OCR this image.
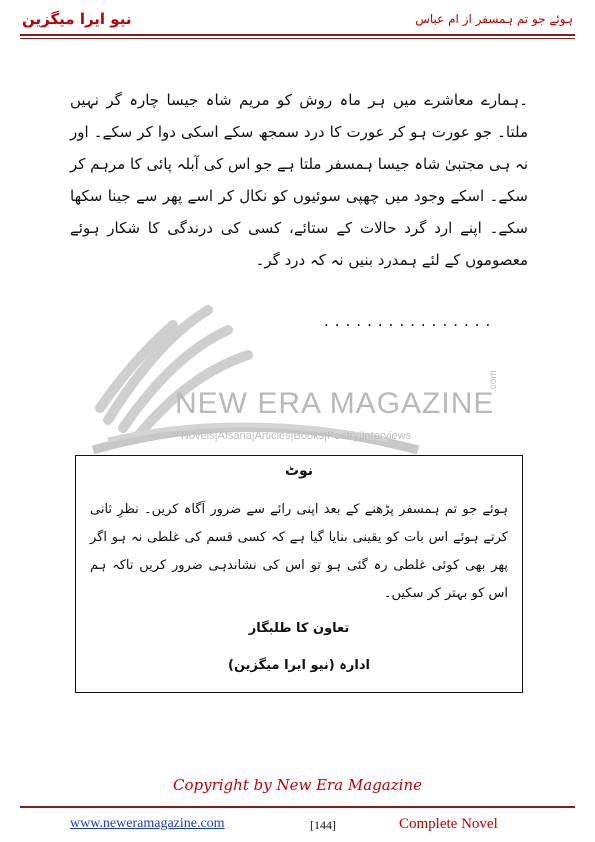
نیو ایرا میگزین	ہوئے جو تم ہمسفر از ام عباس
NEW ERA MAGAZINE
.com
Novels|Afsana|Articles|Books|Poetry|Interviews

۔ہمارے معاشرے میں ہر ماہ روش کو مریم شاہ جیسا چارہ گر نہیں ملتا۔ جو عورت ہو کر عورت کا درد سمجھ سکے اسکی دوا کر سکے۔ اور نہ ہی مجتبیٰ شاہ جیسا ہمسفر ملتا ہے جو اس کی آبلہ پائی کا مرہم کر سکے۔ اسکے وجود میں چھپی سوئیوں کو نکال کر اسے پھر سے جینا سکھا سکے۔ اپنے ارد گرد حالات کے ستائے، کسی کی درندگی کا شکار ہوئے معصوموں کے لئے ہمدرد بنیں نہ کہ درد گر۔

................
نوٹ

ہوئے جو تم ہمسفر پڑھنے کے بعد اپنی رائے سے ضرور آگاہ کریں۔ نظرِ ثانی کرتے ہوئے اس بات کو یقینی بنایا گیا ہے کہ کسی قسم کی غلطی نہ ہو اگر پھر بھی کوئی غلطی رہ گئی ہو تو اس کی نشاندہی ضرور کریں تاکہ ہم اس کو بہتر کر سکیں۔

تعاون کا طلبگار
ادارہ (نیو ایرا میگزین)
Copyright by New Era Magazine
www.neweramagazine.com	[144]	Complete Novel
